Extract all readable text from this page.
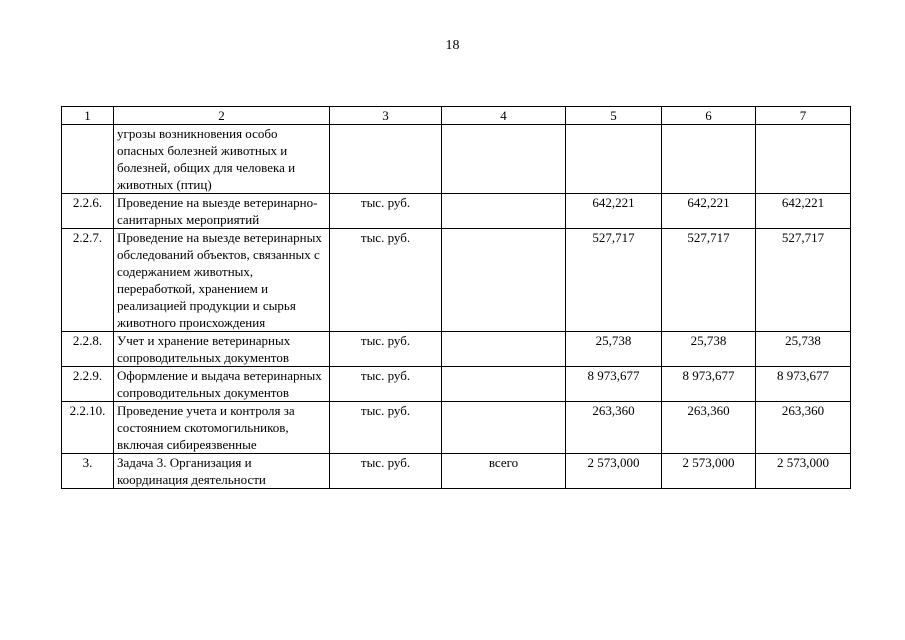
18
1	2	3	4	5	6	7
	угрозы возникновения особо опасных болезней животных и болезней, общих для человека и животных (птиц)					
2.2.6.	Проведение на выезде ветеринарно-санитарных мероприятий	тыс. руб.		642,221	642,221	642,221
2.2.7.	Проведение на выезде ветеринарных обследований объектов, связанных с содержанием животных, переработкой, хранением и реализацией продукции и сырья животного происхождения	тыс. руб.		527,717	527,717	527,717
2.2.8.	Учет и хранение ветеринарных сопроводительных документов	тыс. руб.		25,738	25,738	25,738
2.2.9.	Оформление и выдача ветеринарных сопроводительных документов	тыс. руб.		8 973,677	8 973,677	8 973,677
2.2.10.	Проведение учета и контроля за состоянием скотомогильников, включая сибиреязвенные	тыс. руб.		263,360	263,360	263,360
3.	Задача 3. Организация и координация деятельности	тыс. руб.	всего	2 573,000	2 573,000	2 573,000
